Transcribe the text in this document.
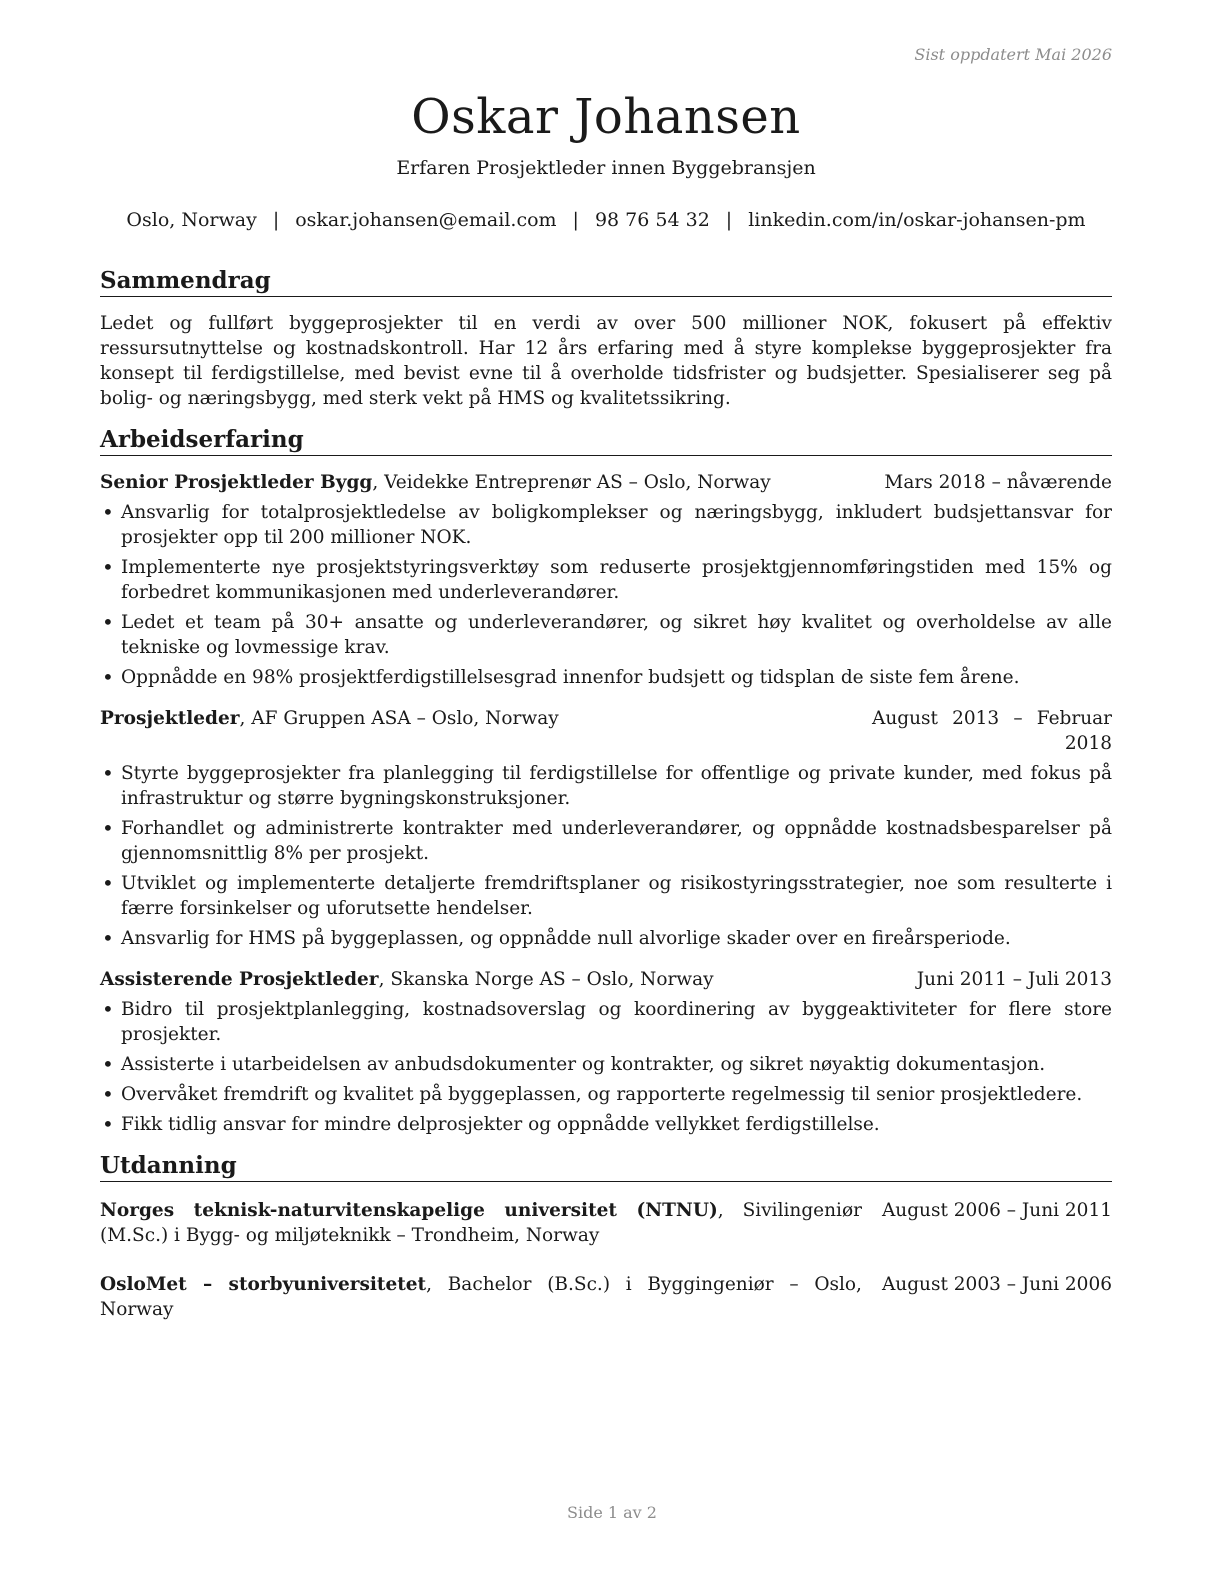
Sist oppdatert Mai 2026
Oskar Johansen
Erfaren Prosjektleder innen Byggebransjen
Oslo, Norway | oskar.johansen@email.com | 98 76 54 32 | linkedin.com/in/oskar-johansen-pm
Sammendrag
Ledet og fullført byggeprosjekter til en verdi av over 500 millioner NOK, fokusert på effektiv ressursutnyttelse og kostnadskontroll. Har 12 års erfaring med å styre komplekse byggeprosjekter fra konsept til ferdigstillelse, med bevist evne til å overholde tidsfrister og budsjetter. Spesialiserer seg på bolig- og næringsbygg, med sterk vekt på HMS og kvalitetssikring.
Arbeidserfaring
Senior Prosjektleder Bygg, Veidekke Entreprenør AS – Oslo, Norway	Mars 2018 – nåværende
• Ansvarlig for totalprosjektledelse av boligkomplekser og næringsbygg, inkludert budsjettansvar for prosjekter opp til 200 millioner NOK.
• Implementerte nye prosjektstyringsverktøy som reduserte prosjektgjennomføringstiden med 15% og forbedret kommunikasjonen med underleverandører.
• Ledet et team på 30+ ansatte og underleverandører, og sikret høy kvalitet og overholdelse av alle tekniske og lovmessige krav.
• Oppnådde en 98% prosjektferdigstillelsesgrad innenfor budsjett og tidsplan de siste fem årene.
Prosjektleder, AF Gruppen ASA – Oslo, Norway	August 2013 – Februar 2018
• Styrte byggeprosjekter fra planlegging til ferdigstillelse for offentlige og private kunder, med fokus på infrastruktur og større bygningskonstruksjoner.
• Forhandlet og administrerte kontrakter med underleverandører, og oppnådde kostnadsbesparelser på gjennomsnittlig 8% per prosjekt.
• Utviklet og implementerte detaljerte fremdriftsplaner og risikostyringsstrategier, noe som resulterte i færre forsinkelser og uforutsette hendelser.
• Ansvarlig for HMS på byggeplassen, og oppnådde null alvorlige skader over en fireårsperiode.
Assisterende Prosjektleder, Skanska Norge AS – Oslo, Norway	Juni 2011 – Juli 2013
• Bidro til prosjektplanlegging, kostnadsoverslag og koordinering av byggeaktiviteter for flere store prosjekter.
• Assisterte i utarbeidelsen av anbudsdokumenter og kontrakter, og sikret nøyaktig dokumentasjon.
• Overvåket fremdrift og kvalitet på byggeplassen, og rapporterte regelmessig til senior prosjektledere.
• Fikk tidlig ansvar for mindre delprosjekter og oppnådde vellykket ferdigstillelse.
Utdanning
Norges teknisk-naturvitenskapelige universitet (NTNU), Sivilingeniør (M.Sc.) i Bygg- og miljøteknikk – Trondheim, Norway
August 2006 – Juni 2011
OsloMet – storbyuniversitetet, Bachelor (B.Sc.) i Byggingeniør – Oslo, Norway
August 2003 – Juni 2006
Side 1 av 2
